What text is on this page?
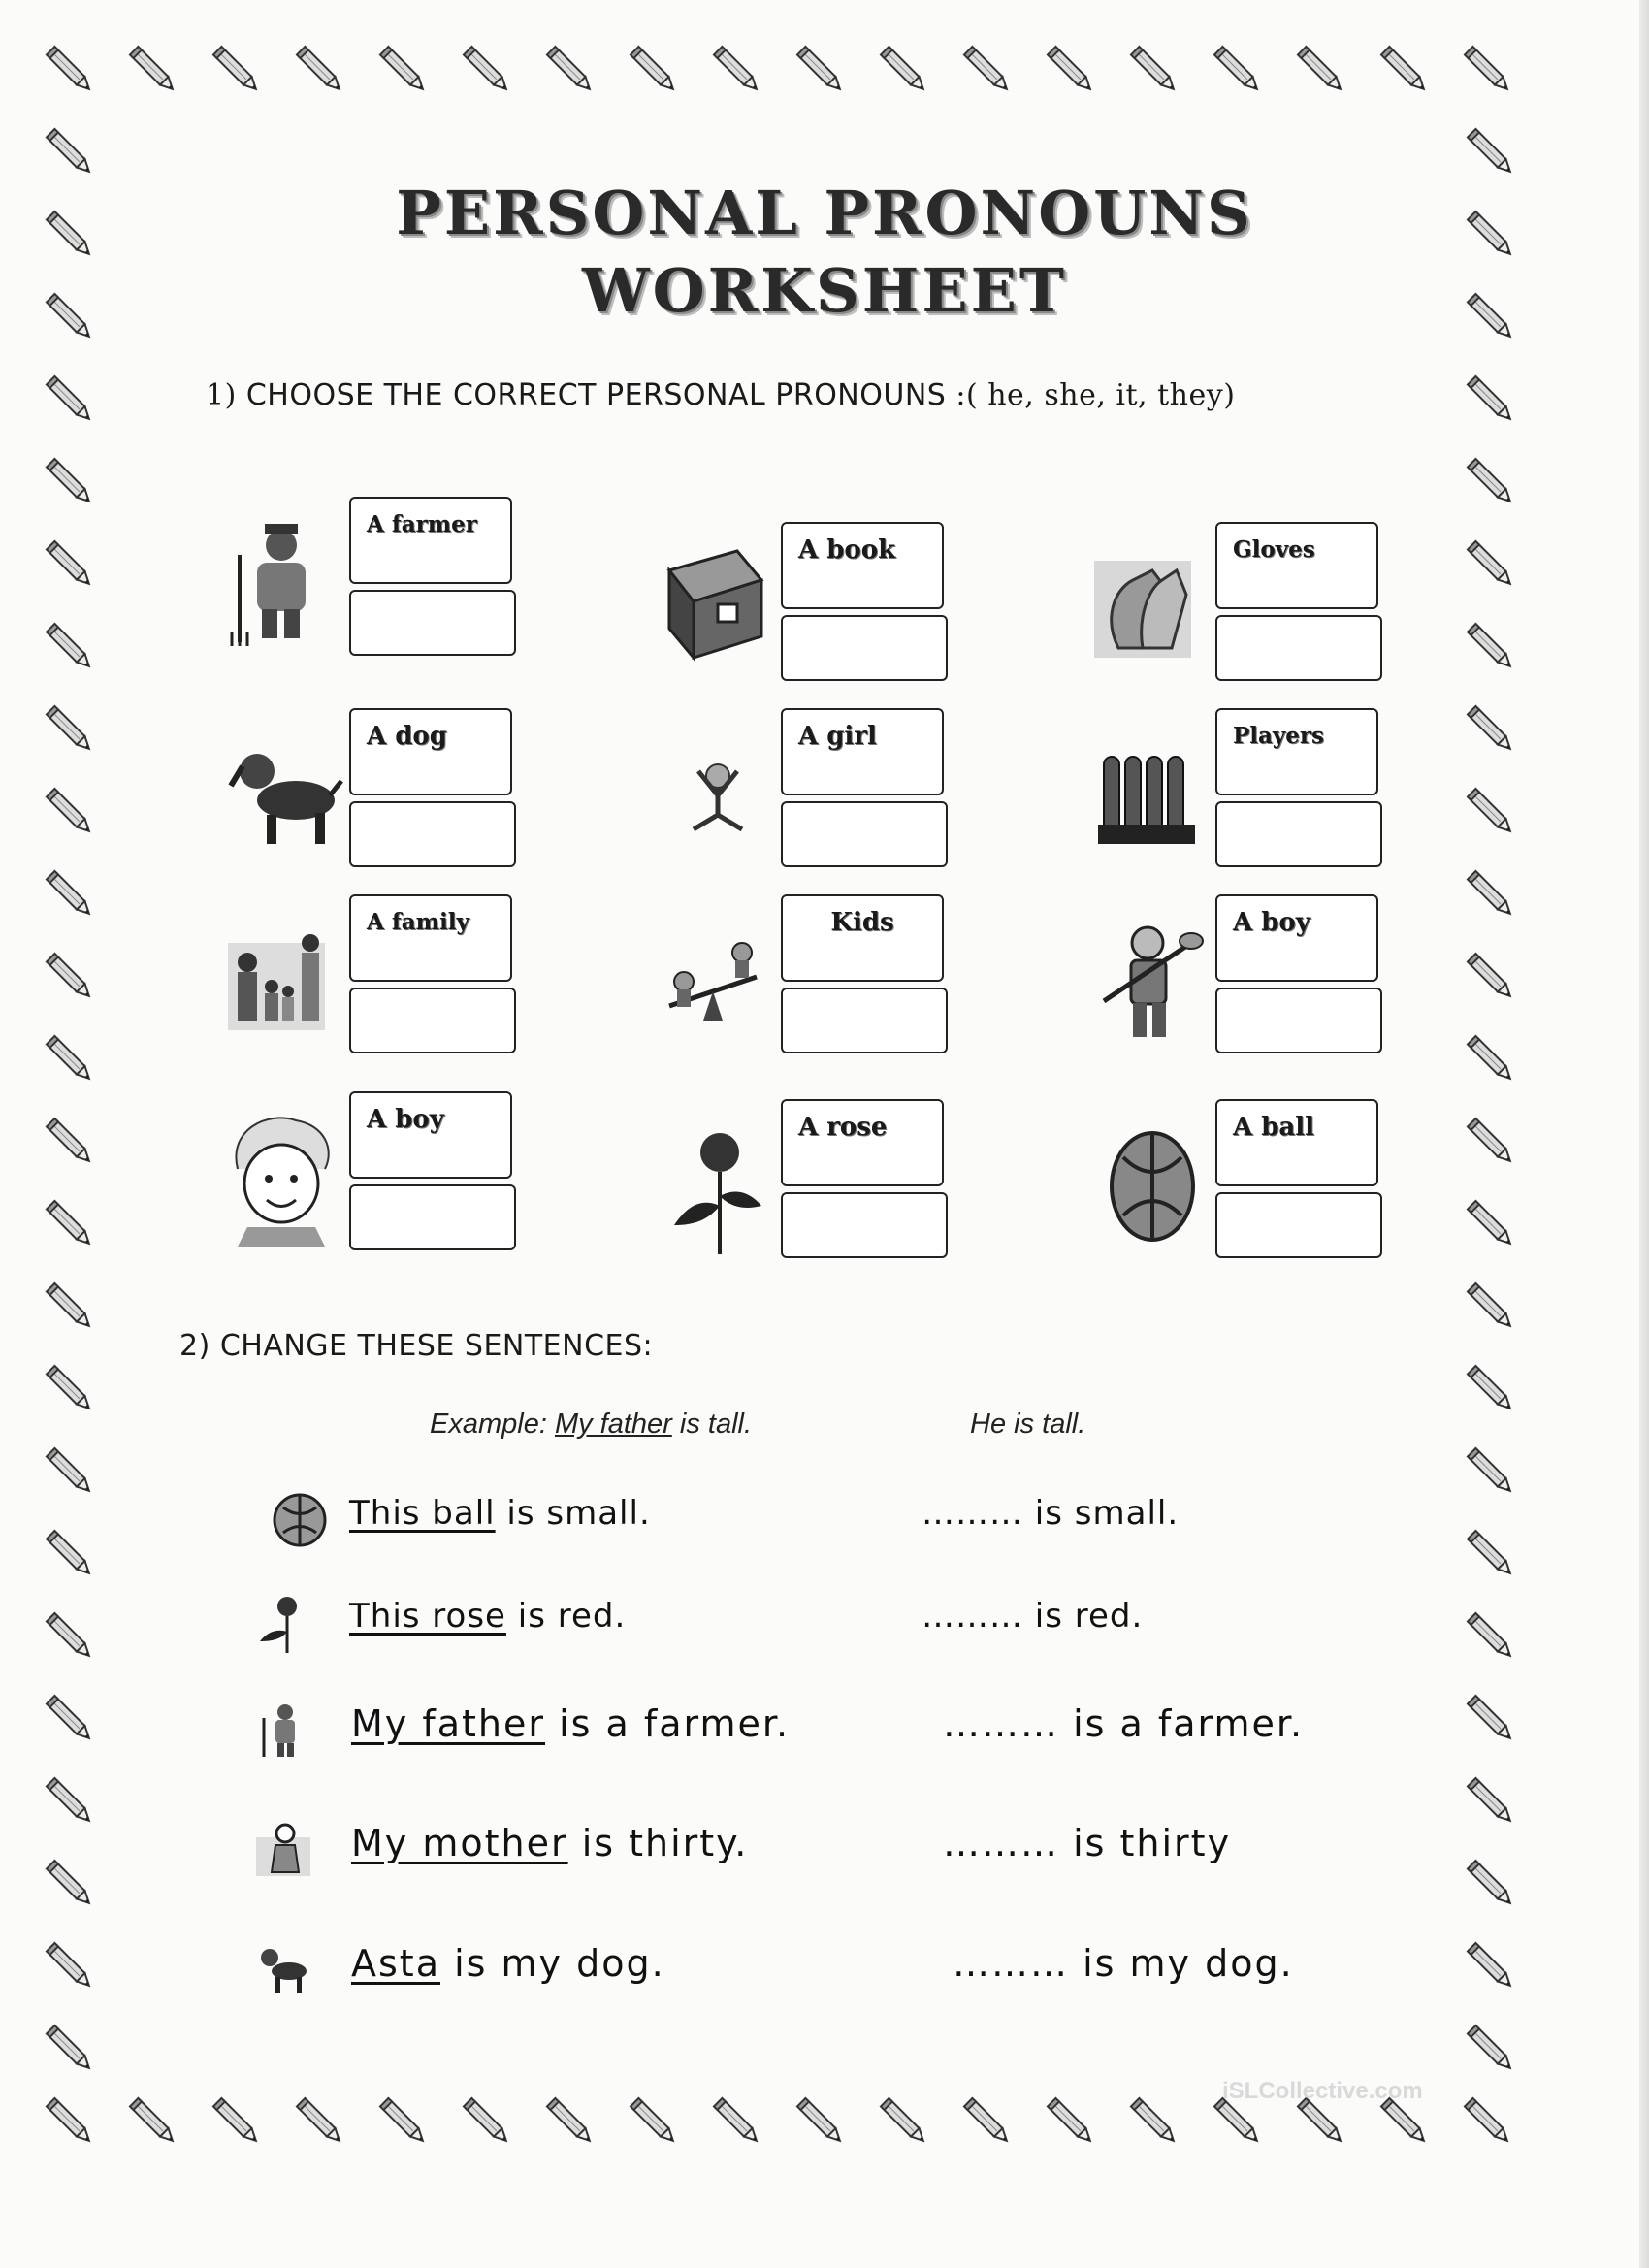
PERSONAL PRONOUNS
WORKSHEET
1) CHOOSE THE CORRECT PERSONAL PRONOUNS :( he, she, it, they)
A farmer
A book	Gloves
A dog	A girl	Players
A family	Kids	A boy
A boy	A rose	A ball
2) CHANGE THESE SENTENCES:
Example: My father is tall.	He is tall.
This ball is small.	……… is small.
This rose is red.	……… is red.
My father is a farmer.	……… is a farmer.
My mother is thirty.	……… is thirty
Asta is my dog.	……… is my dog.
iSLCollective.com
